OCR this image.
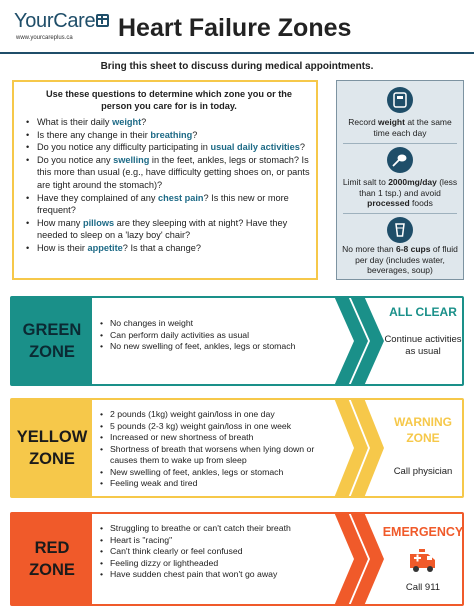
YourCare
www.yourcareplus.ca Heart Failure Zones
Bring this sheet to discuss during medical appointments.
Use these questions to determine which zone you or the person you care for is in today.
• What is their daily weight?
• Is there any change in their breathing?
• Do you notice any difficulty participating in usual daily activities?
• Do you notice any swelling in the feet, ankles, legs or stomach? Is this more than usual (e.g., have difficulty getting shoes on, or pants are tight around the stomach)?
• Have they complained of any chest pain? Is this new or more frequent?
• How many pillows are they sleeping with at night? Have they needed to sleep on a 'lazy boy' chair?
• How is their appetite? Is that a change?
Record weight at the same time each day
Limit salt to 2000mg/day (less than 1 tsp.) and avoid processed foods
No more than 6-8 cups of fluid per day (includes water, beverages, soup)
GREEN
ZONE
• No changes in weight
• Can perform daily activities as usual
• No new swelling of feet, ankles, legs or stomach
ALL CLEAR
Continue activities as usual
YELLOW
ZONE
• 2 pounds (1kg) weight gain/loss in one day
• 5 pounds (2-3 kg) weight gain/loss in one week
• Increased or new shortness of breath
• Shortness of breath that worsens when lying down or causes them to wake up from sleep
• New swelling of feet, ankles, legs or stomach
• Feeling weak and tired
WARNING
ZONE
Call physician
RED
ZONE
• Struggling to breathe or can't catch their breath
• Heart is "racing"
• Can't think clearly or feel confused
• Feeling dizzy or lightheaded
• Have sudden chest pain that won't go away
EMERGENCY
Call 911
